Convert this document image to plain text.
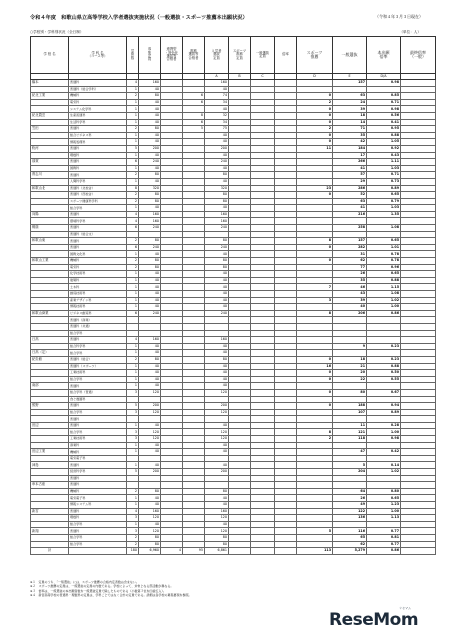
令和４年度　和歌山県立高等学校入学者選抜実施状況（一般選抜・スポーツ推薦本出願状況）	（令和４年３月３日現在）
○学校別・学科別状況（全日制）	（単位：人）
学 校 名	学 科 名
（コース等）	学
級
数	募
集
定
員	連携型
・特色化
選抜等
合格者	推薦
選抜等
合格者	入学者
選抜
定員	スポーツ
推薦
定員	一般選抜
定員	倍率	スポーツ
推薦	一般選抜	本出願
倍率	最終倍率
（一般）
						A	B	C		D	E	D/A	
橋本	普通科	4	160			160					157	0.98	
	普通科（総合学科）	1	40			40							
紀北工業	機械科	2	80		6	74				0	63	0.85	
	電気科	1	40		6	34				2	24	0.71	
	システム化学科	1	40			40				0	39	0.98	
紀北農芸	生産流通科	1	40		8	32				0	18	0.56	
	生活科学科	1	40		6	34				0	14	0.41	
笠田	普通科	2	80		5	75				2	71	0.95	
	総合ビジネス科	1	40			40				0	35	0.88	
	情報処理科	1	40			40				0	42	1.05	
粉河	普通科	5	200			200				11	184	0.92	
	理数科	1	40			40					17	0.43	
那賀	普通科	6	240			240					266	1.11	
	国際科	1	40			40					41	1.03	
貴志川	普通科	2	80			80					57	0.71	
	人間科学科	1	40			40					29	0.73	
和歌山北	普通科（北校舎）	8	320			320				23	286	0.89	
	普通科（西校舎）	2	80			80				0	52	0.65	
	スポーツ健康科学科	2	80			80					63	0.79	
	総合学科	1	40			40					41	1.03	
向陽	普通科	4	160			160					216	1.35	
	環境科学科	4	160			160							
桐蔭	普通科	6	240			240					258	1.08	
	普通科（総合文）												
和歌山東	普通科	2	80			80				8	157	0.65	
	普通科	6	240			240				0	282	1.01	
	国際文化科	1	40			40					31	0.78	
和歌山工業	機械科	2	80			80				0	62	0.78	
	電気科	2	80			80					77	0.96	
	化学技術科	1	40			40					26	0.65	
	建築科	1	40			40					35	0.88	
	土木科	1	40			40				7	46	1.15	
	創造技術科	1	40			40					43	1.08	
	産業デザイン科	1	40			40				3	39	1.02	
	情報技術科	1	40			40					40	1.00	
和歌山商業	ビジネス創造科	6	240			240				8	206	0.86	
	普通科（商業）												
	普通科（共通）												
	総合学科												
日高	普通科	4	160			160							
	総合科学科	1	40			40					9	0.23	
日高（定）	総合学科	1	40			40							
紀央館	普通科（総合）	2	80			80				0	18	0.23	
	普通科（スポーツ）	1	40			40				16	21	0.88	
	工業技術科	1	40			40				0	20	0.50	
	総合学科	1	40			40				0	22	0.55	
南部	普通科	1	40			40							
	総合学科（普通）	3	120			120				0	80	0.67	
	食と農園科												
熊野	普通科	5	200			200				0	188	0.94	
	総合学科	3	120			120					107	0.89	
	普通科												
田辺	普通科	1	40			40					11	0.28	
	総合学科	3	120			120				8	121	1.00	
	工業技術科	3	120			120				2	118	0.98	
	商業科	1	40			40							
田辺工業	機械科	1	40			40					47	0.42	
	電気電子科												
神島	普通科	1	40			40					5	0.14	
	経営科学科	5	200			200					204	1.02	
	普通科												
串本古座	普通科												
	機械科	2	80			80					64	0.80	
	電気電子科	1	40			40					26	0.65	
	情報システム科	1	40			40					49	1.23	
新宮	普通科	4	160			160					122	1.00	
	理数科	3	120			120					136	1.13	
	総合学科	1	40			40							
新翔	普通科	3	120			120				5	116	0.77	
	総合学科	2	80			80					65	0.81	
	総合学科	2	80			80					62	0.77	
計		180	6,960	4	95	6,861				113	5,279	0.86	
※１　定員のうち、「一般選抜」には、スポーツ推薦の合格内定者数は含まない。
※２　スポーツ推薦の定員は、一般選抜の定員の内数である。学校によって、対象となる部活動が異なる。
※３　倍率は、一般選抜の本出願者数を一般選抜定員で除したものである（小数第３位を四捨五入）。
※４　新宮高等学校の普通科・理数科の定員は、学科ごとではなく合計の定員である。詳細は各学校の募集要項を参照。
ReseMom
リセマム
